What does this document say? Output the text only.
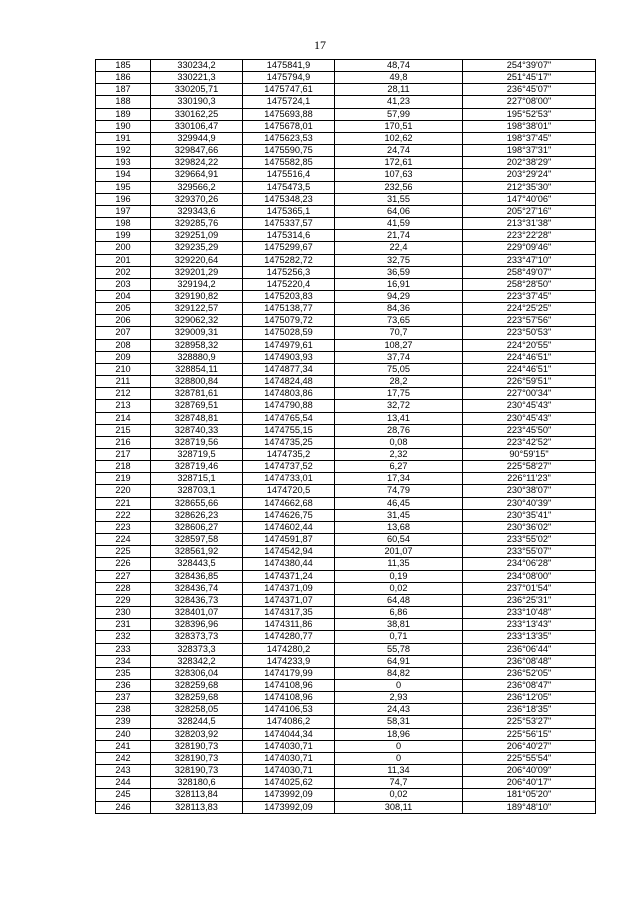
17
185	330234,2	1475841,9	48,74	254°39'07"
186	330221,3	1475794,9	49,8	251°45'17"
187	330205,71	1475747,61	28,11	236°45'07"
188	330190,3	1475724,1	41,23	227°08'00"
189	330162,25	1475693,88	57,99	195°52'53"
190	330106,47	1475678,01	170,51	198°38'01"
191	329944,9	1475623,53	102,62	198°37'45"
192	329847,66	1475590,75	24,74	198°37'31"
193	329824,22	1475582,85	172,61	202°38'29"
194	329664,91	1475516,4	107,63	203°29'24"
195	329566,2	1475473,5	232,56	212°35'30"
196	329370,26	1475348,23	31,55	147°40'06"
197	329343,6	1475365,1	64,06	205°27'16"
198	329285,76	1475337,57	41,59	213°31'38"
199	329251,09	1475314,6	21,74	223°22'28"
200	329235,29	1475299,67	22,4	229°09'46"
201	329220,64	1475282,72	32,75	233°47'10"
202	329201,29	1475256,3	36,59	258°49'07"
203	329194,2	1475220,4	16,91	258°28'50"
204	329190,82	1475203,83	94,29	223°37'45"
205	329122,57	1475138,77	84,36	224°25'25"
206	329062,32	1475079,72	73,65	223°57'56"
207	329009,31	1475028,59	70,7	223°50'53"
208	328958,32	1474979,61	108,27	224°20'55"
209	328880,9	1474903,93	37,74	224°46'51"
210	328854,11	1474877,34	75,05	224°46'51"
211	328800,84	1474824,48	28,2	226°59'51"
212	328781,61	1474803,86	17,75	227°00'34"
213	328769,51	1474790,88	32,72	230°45'43"
214	328748,81	1474765,54	13,41	230°45'43"
215	328740,33	1474755,15	28,76	223°45'50"
216	328719,56	1474735,25	0,08	223°42'52"
217	328719,5	1474735,2	2,32	90°59'15"
218	328719,46	1474737,52	6,27	225°58'27"
219	328715,1	1474733,01	17,34	226°11'23"
220	328703,1	1474720,5	74,79	230°38'07"
221	328655,66	1474662,68	46,45	230°40'39"
222	328626,23	1474626,75	31,45	230°35'41"
223	328606,27	1474602,44	13,68	230°36'02"
224	328597,58	1474591,87	60,54	233°55'02"
225	328561,92	1474542,94	201,07	233°55'07"
226	328443,5	1474380,44	11,35	234°06'28"
227	328436,85	1474371,24	0,19	234°08'00"
228	328436,74	1474371,09	0,02	237°01'54"
229	328436,73	1474371,07	64,48	236°25'31"
230	328401,07	1474317,35	6,86	233°10'48"
231	328396,96	1474311,86	38,81	233°13'43"
232	328373,73	1474280,77	0,71	233°13'35"
233	328373,3	1474280,2	55,78	236°06'44"
234	328342,2	1474233,9	64,91	236°08'48"
235	328306,04	1474179,99	84,82	236°52'05"
236	328259,68	1474108,96	0	236°08'47"
237	328259,68	1474108,96	2,93	236°12'05"
238	328258,05	1474106,53	24,43	236°18'35"
239	328244,5	1474086,2	58,31	225°53'27"
240	328203,92	1474044,34	18,96	225°56'15"
241	328190,73	1474030,71	0	206°40'27"
242	328190,73	1474030,71	0	225°55'54"
243	328190,73	1474030,71	11,34	206°40'09"
244	328180,6	1474025,62	74,7	206°40'17"
245	328113,84	1473992,09	0,02	181°05'20"
246	328113,83	1473992,09	308,11	189°48'10"
